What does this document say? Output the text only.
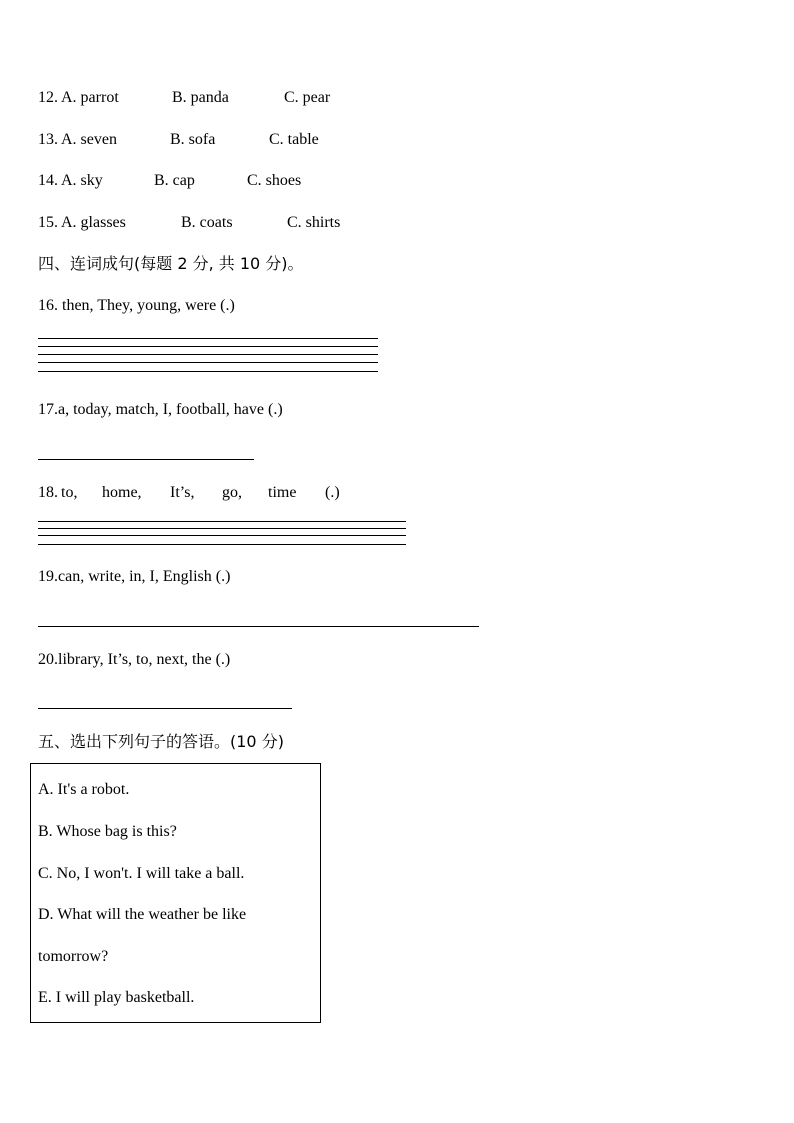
12. A. parrot	B. panda	C. pear
13. A. seven	B. sofa	C. table
14. A. sky	B. cap	C. shoes
15. A. glasses	B. coats	C. shirts
四、连词成句(每题 2 分, 共 10 分)。
16. then, They, young, were (.)
17.a, today, match, I, football, have (.)
18. to, home, It’s, go, time (.)
19.can, write, in, I, English (.)
20.library, It’s, to, next, the (.)
五、选出下列句子的答语。(10 分)
A. It's a robot.
B. Whose bag is this?
C. No, I won't. I will take a ball.
D. What will the weather be like
tomorrow?
E. I will play basketball.
